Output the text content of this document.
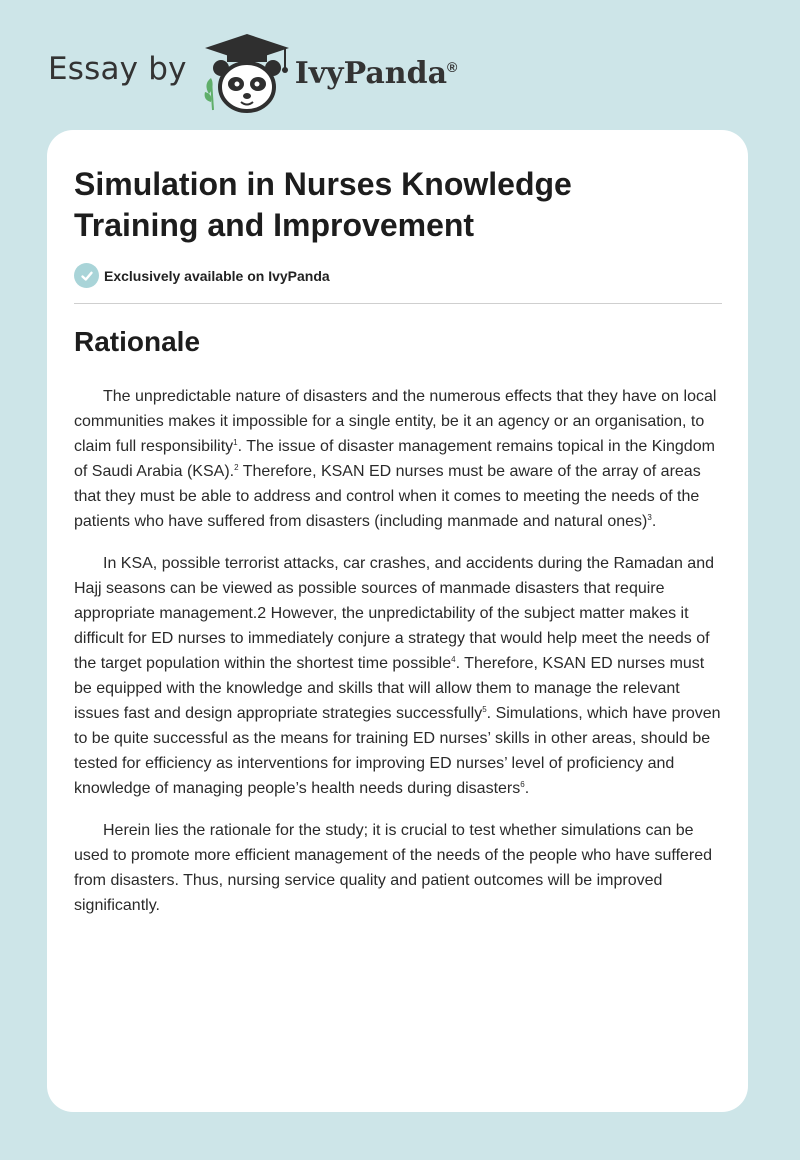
Essay by	IvyPanda®
Simulation in Nurses Knowledge Training and Improvement
Exclusively available on IvyPanda
Rationale

The unpredictable nature of disasters and the numerous effects that they have on local communities makes it impossible for a single entity, be it an agency or an organisation, to claim full responsibility$^1$. The issue of disaster management remains topical in the Kingdom of Saudi Arabia (KSA).$^2$ Therefore, KSAN ED nurses must be aware of the array of areas that they must be able to address and control when it comes to meeting the needs of the patients who have suffered from disasters (including manmade and natural ones)$^3$.

In KSA, possible terrorist attacks, car crashes, and accidents during the Ramadan and Hajj seasons can be viewed as possible sources of manmade disasters that require appropriate management.2 However, the unpredictability of the subject matter makes it difficult for ED nurses to immediately conjure a strategy that would help meet the needs of the target population within the shortest time possible$^4$. Therefore, KSAN ED nurses must be equipped with the knowledge and skills that will allow them to manage the relevant issues fast and design appropriate strategies successfully$^5$. Simulations, which have proven to be quite successful as the means for training ED nurses’ skills in other areas, should be tested for efficiency as interventions for improving ED nurses’ level of proficiency and knowledge of managing people’s health needs during disasters$^6$.

Herein lies the rationale for the study; it is crucial to test whether simulations can be used to promote more efficient management of the needs of the people who have suffered from disasters. Thus, nursing service quality and patient outcomes will be improved significantly.
